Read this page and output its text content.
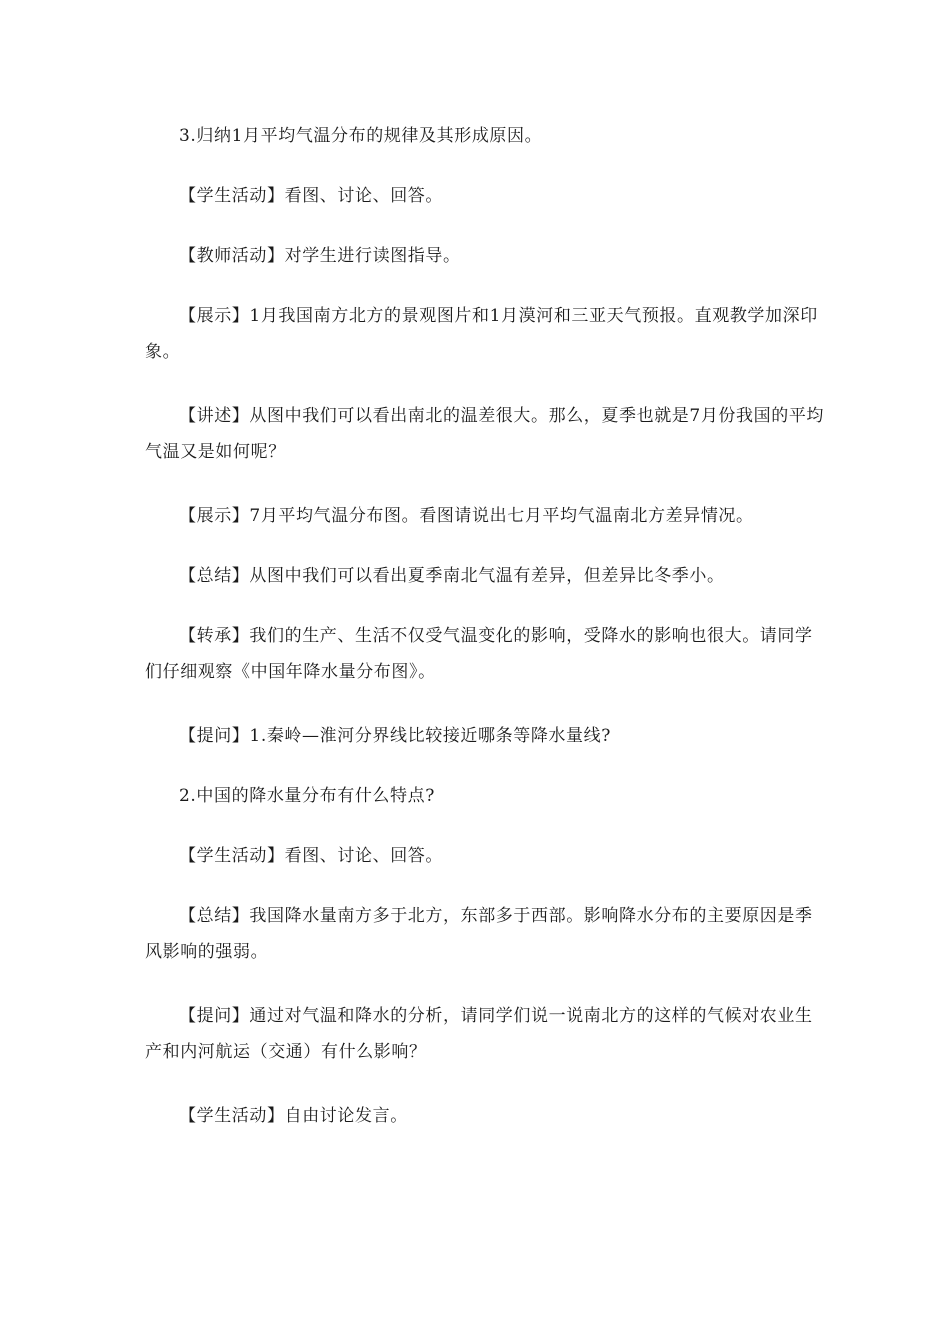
3.归纳1月平均气温分布的规律及其形成原因。

【学生活动】看图、讨论、回答。

【教师活动】对学生进行读图指导。

【展示】1月我国南方北方的景观图片和1月漠河和三亚天气预报。直观教学加深印象。

【讲述】从图中我们可以看出南北的温差很大。那么，夏季也就是7月份我国的平均气温又是如何呢？

【展示】7月平均气温分布图。看图请说出七月平均气温南北方差异情况。

【总结】从图中我们可以看出夏季南北气温有差异，但差异比冬季小。

【转承】我们的生产、生活不仅受气温变化的影响，受降水的影响也很大。请同学们仔细观察《中国年降水量分布图》。

【提问】1.秦岭—淮河分界线比较接近哪条等降水量线?

2.中国的降水量分布有什么特点?

【学生活动】看图、讨论、回答。

【总结】我国降水量南方多于北方，东部多于西部。影响降水分布的主要原因是季风影响的强弱。

【提问】通过对气温和降水的分析，请同学们说一说南北方的这样的气候对农业生产和内河航运（交通）有什么影响？

【学生活动】自由讨论发言。
